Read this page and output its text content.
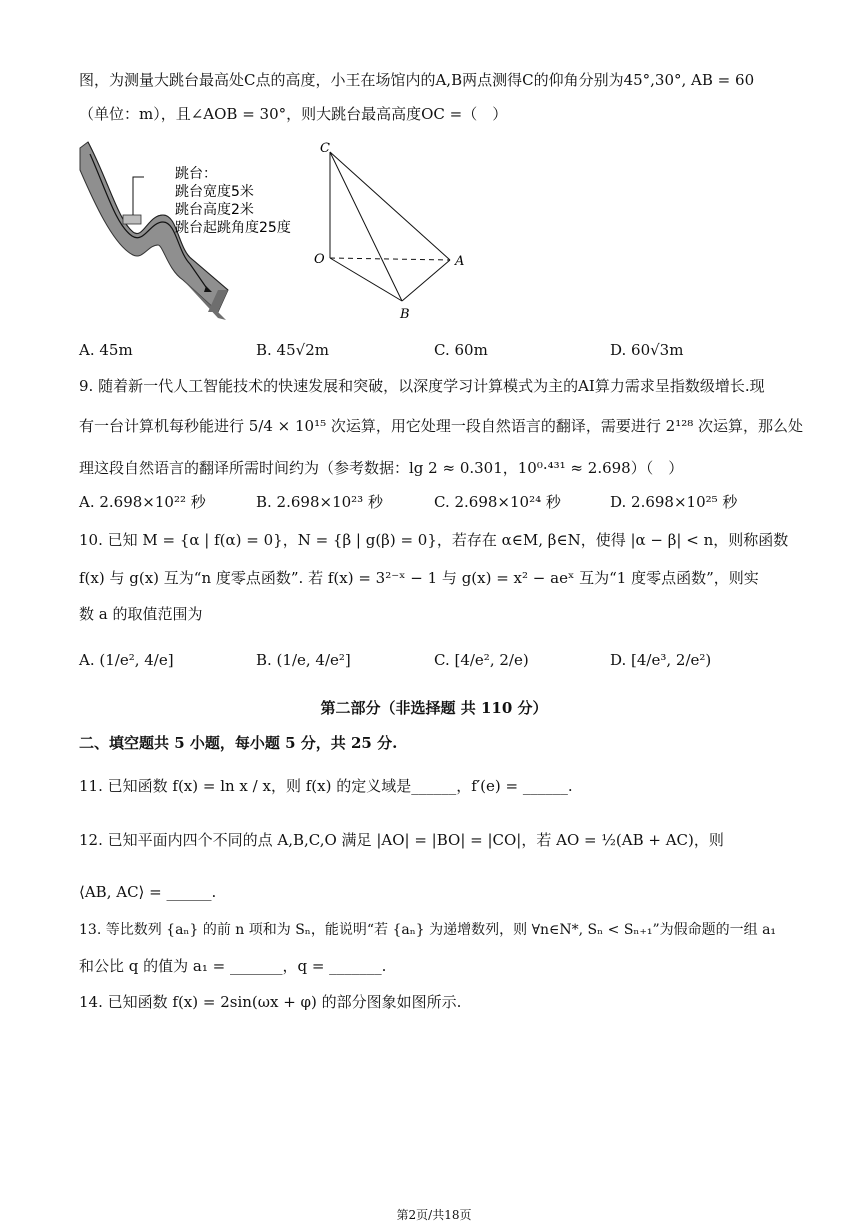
图，为测量大跳台最高处C点的高度，小王在场馆内的A,B两点测得C的仰角分别为45°,30°, AB = 60
（单位：m），且∠AOB = 30°，则大跳台最高高度OC =（　）
跳台：
跳台宽度5米
跳台高度2米
跳台起跳角度25度
C
O	A
B
A. 45m	B. 45√2m	C. 60m	D. 60√3m
9. 随着新一代人工智能技术的快速发展和突破，以深度学习计算模式为主的AI算力需求呈指数级增长.现
有一台计算机每秒能进行 5/4 × 10¹⁵ 次运算，用它处理一段自然语言的翻译，需要进行 2¹²⁸ 次运算，那么处
理这段自然语言的翻译所需时间约为（参考数据：lg 2 ≈ 0.301，10⁰·⁴³¹ ≈ 2.698）（　）
A. 2.698×10²² 秒	B. 2.698×10²³ 秒	C. 2.698×10²⁴ 秒	D. 2.698×10²⁵ 秒
10. 已知 M = {α | f(α) = 0}，N = {β | g(β) = 0}，若存在 α∈M, β∈N，使得 |α − β| < n，则称函数
f(x) 与 g(x) 互为“n 度零点函数”. 若 f(x) = 3²⁻ˣ − 1 与 g(x) = x² − aeˣ 互为“1 度零点函数”，则实
数 a 的取值范围为
A. (1/e², 4/e]	B. (1/e, 4/e²]	C. [4/e², 2/e)	D. [4/e³, 2/e²)
第二部分（非选择题 共 110 分）
二、填空题共 5 小题，每小题 5 分，共 25 分.
11. 已知函数 f(x) = ln x / x，则 f(x) 的定义域是______，f′(e) = ______.
12. 已知平面内四个不同的点 A,B,C,O 满足 |AO| = |BO| = |CO|，若 AO = ½(AB + AC)，则
⟨AB, AC⟩ = ______.
13. 等比数列 {aₙ} 的前 n 项和为 Sₙ，能说明“若 {aₙ} 为递增数列，则 ∀n∈N*, Sₙ < Sₙ₊₁”为假命题的一组 a₁
和公比 q 的值为 a₁ = _______，q = _______.
14. 已知函数 f(x) = 2sin(ωx + φ) 的部分图象如图所示.
第2页/共18页
